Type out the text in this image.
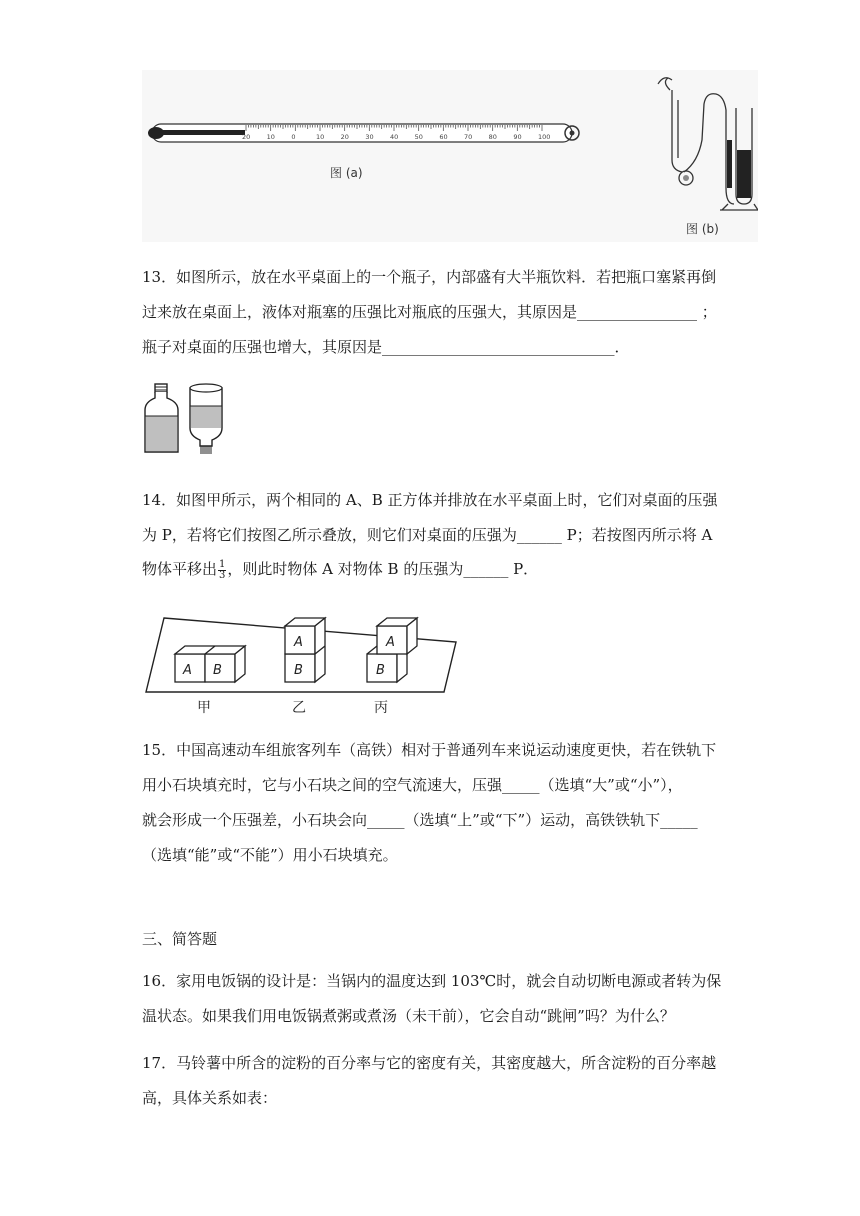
20	10	0	10	20	30	40	50	60	70	80	90	100
图 (a)
图 (b)
13．如图所示，放在水平桌面上的一个瓶子，内部盛有大半瓶饮料．若把瓶口塞紧再倒
过来放在桌面上，液体对瓶塞的压强比对瓶底的压强大，其原因是________________ ；
瓶子对桌面的压强也增大，其原因是_______________________________．
14．如图甲所示，两个相同的 A、B 正方体并排放在水平桌面上时，它们对桌面的压强
为 P，若将它们按图乙所示叠放，则它们对桌面的压强为______ P；若按图丙所示将 A
物体平移出 $\frac{1}{3}$ ，则此时物体 A 对物体 B 的压强为______ P．
A B
A
B
A
B
甲	乙	丙
15．中国高速动车组旅客列车（高铁）相对于普通列车来说运动速度更快，若在铁轨下
用小石块填充时，它与小石块之间的空气流速大，压强_____（选填“大”或“小”），
就会形成一个压强差，小石块会向_____（选填“上”或“下”）运动，高铁铁轨下_____
（选填“能”或“不能”）用小石块填充。
三、简答题
16．家用电饭锅的设计是：当锅内的温度达到 103℃时，就会自动切断电源或者转为保
温状态。如果我们用电饭锅煮粥或煮汤（未干前），它会自动“跳闸”吗？为什么？
17．马铃薯中所含的淀粉的百分率与它的密度有关，其密度越大，所含淀粉的百分率越
高，具体关系如表：
